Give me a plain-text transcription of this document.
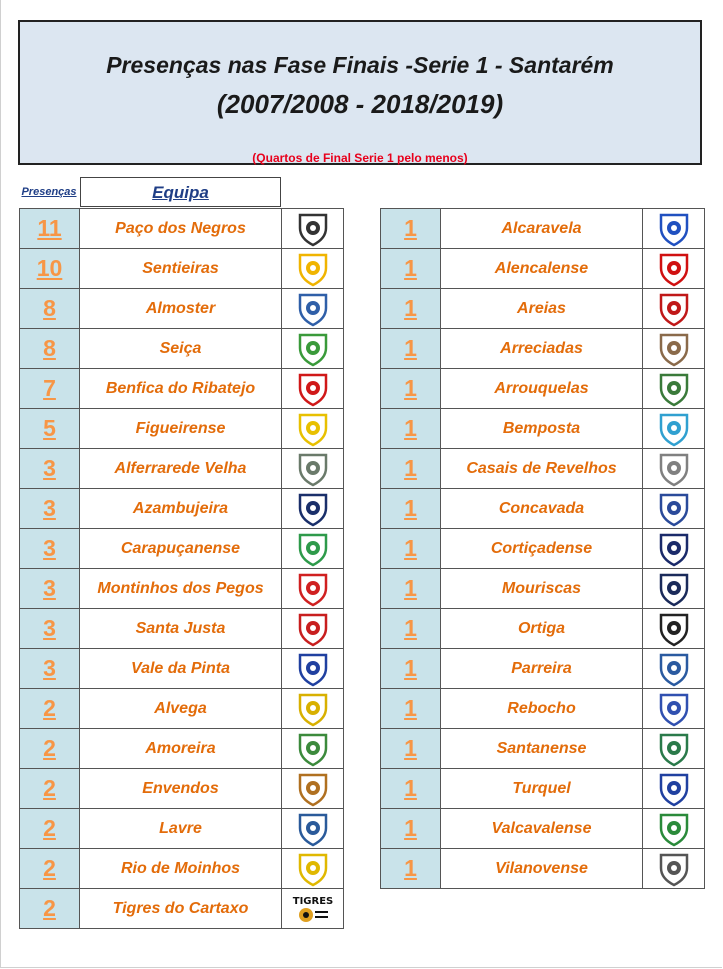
Presenças nas Fase Finais -Serie 1 - Santarém
(2007/2008 - 2018/2019)
(Quartos de Final Serie 1 pelo menos)
Presenças	Equipa
11	Paço dos Negros
10	Sentieiras
8	Almoster
8	Seiça
7	Benfica do Ribatejo
5	Figueirense
3	Alferrarede Velha
3	Azambujeira
3	Carapuçanense
3	Montinhos dos Pegos
3	Santa Justa
3	Vale da Pinta
2	Alvega
2	Amoreira
2	Envendos
2	Lavre
2	Rio de Moinhos
2	Tigres do Cartaxo	TIGRES
1	Alcaravela
1	Alencalense
1	Areias
1	Arreciadas
1	Arrouquelas
1	Bemposta
1	Casais de Revelhos
1	Concavada
1	Cortiçadense
1	Mouriscas
1	Ortiga
1	Parreira
1	Rebocho
1	Santanense
1	Turquel
1	Valcavalense
1	Vilanovense
